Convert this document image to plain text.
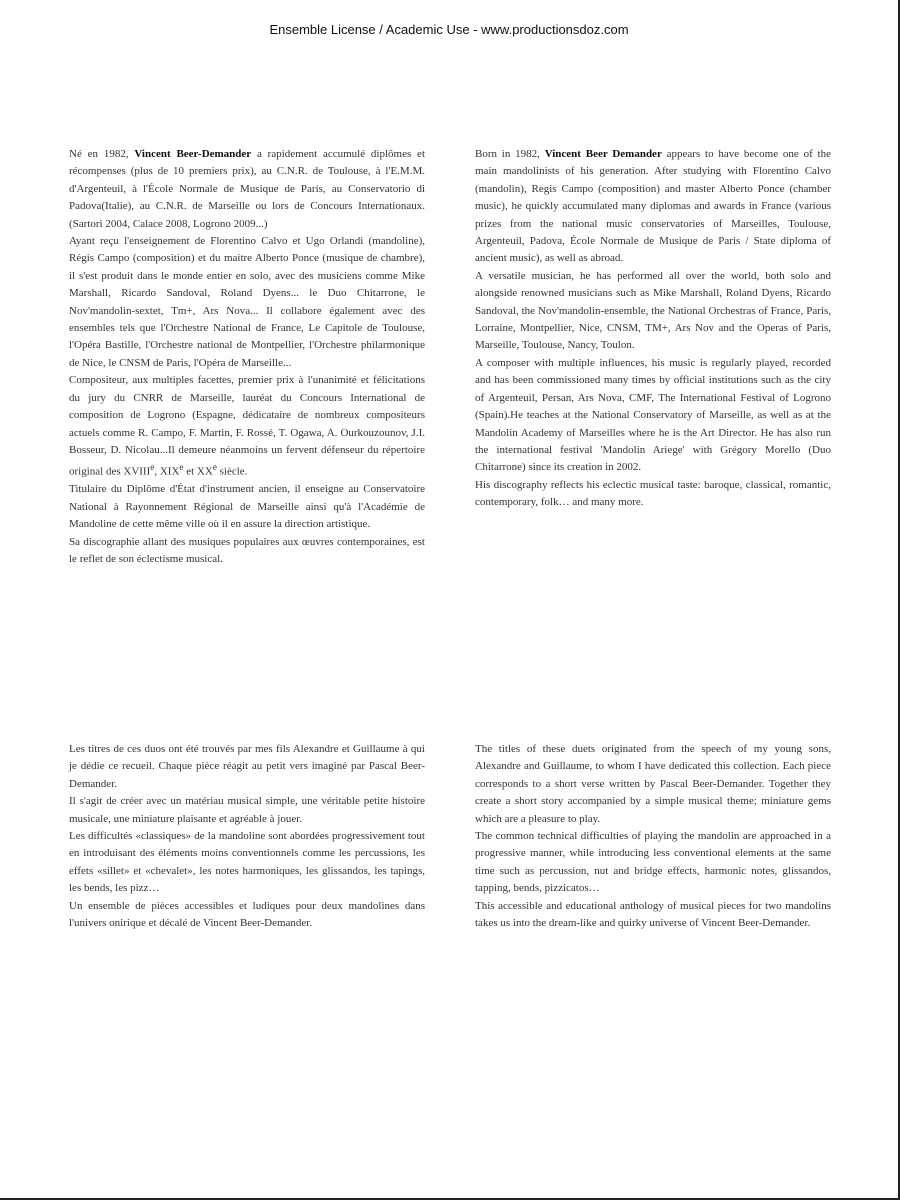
Ensemble License / Academic Use - www.productionsdoz.com

Né en 1982, Vincent Beer-Demander a rapidement accumulé diplômes et récompenses (plus de 10 premiers prix), au C.N.R. de Toulouse, à l'E.M.M. d'Argenteuil, à l'École Normale de Musique de Paris, au Conservatorio di Padova(Italie), au C.N.R. de Marseille ou lors de Concours Internationaux. (Sartori 2004, Calace 2008, Logrono 2009...)

Ayant reçu l'enseignement de Florentino Calvo et Ugo Orlandi (mandoline), Régis Campo (composition) et du maitre Alberto Ponce (musique de chambre), il s'est produit dans le monde entier en solo, avec des musiciens comme Mike Marshall, Ricardo Sandoval, Roland Dyens... le Duo Chitarrone, le Nov'mandolin-sextet, Tm+, Ars Nova... Il collabore également avec des ensembles tels que l'Orchestre National de France, Le Capitole de Toulouse, l'Opéra Bastille, l'Orchestre national de Montpellier, l'Orchestre philarmonique de Nice, le CNSM de Paris, l'Opéra de Marseille...

Compositeur, aux multiples facettes, premier prix à l'unanimité et félicitations du jury du CNRR de Marseille, lauréat du Concours International de composition de Logrono (Espagne, dédicataire de nombreux compositeurs actuels comme R. Campo, F. Martin, F. Rossé, T. Ogawa, A. Ourkouzounov, J.I. Bosseur, D. Nicolau...Il demeure néanmoins un fervent défenseur du répertoire original des XVIIIe, XIXe et XXe siècle.

Titulaire du Diplôme d'État d'instrument ancien, il enseigne au Conservatoire National à Rayonnement Régional de Marseille ainsi qu'à l'Académie de Mandoline de cette même ville où il en assure la direction artistique.

Sa discographie allant des musiques populaires aux œuvres contemporaines, est le reflet de son éclectisme musical.

Born in 1982, Vincent Beer Demander appears to have become one of the main mandolinists of his generation. After studying with Florentino Calvo (mandolin), Regis Campo (composition) and master Alberto Ponce (chamber music), he quickly accumulated many diplomas and awards in France (various prizes from the national music conservatories of Marseilles, Toulouse, Argenteuil, Padova, École Normale de Musique de Paris / State diploma of ancient music), as well as abroad.

A versatile musician, he has performed all over the world, both solo and alongside renowned musicians such as Mike Marshall, Roland Dyens, Ricardo Sandoval, the Nov'mandolin-ensemble, the National Orchestras of France, Paris, Lorraine, Montpellier, Nice, CNSM, TM+, Ars Nov and the Operas of Paris, Marseille, Toulouse, Nancy, Toulon.

A composer with multiple influences, his music is regularly played, recorded and has been commissioned many times by official institutions such as the city of Argenteuil, Persan, Ars Nova, CMF, The International Festival of Logrono (Spain).He teaches at the National Conservatory of Marseille, as well as at the Mandolin Academy of Marseilles where he is the Art Director. He has also run the international festival 'Mandolin Ariege' with Grégory Morello (Duo Chitarrone) since its creation in 2002.

His discography reflects his eclectic musical taste: baroque, classical, romantic, contemporary, folk… and many more.

Les titres de ces duos ont été trouvés par mes fils Alexandre et Guillaume à qui je dédie ce recueil. Chaque pièce réagit au petit vers imaginé par Pascal Beer-Demander.

Il s'agit de créer avec un matériau musical simple, une véritable petite histoire musicale, une miniature plaisante et agréable à jouer.

Les difficultés «classiques» de la mandoline sont abordées progressivement tout en introduisant des éléments moins conventionnels comme les percussions, les effets «sillet» et «chevalet», les notes harmoniques, les glissandos, les tapings, les bends, les pizz…

Un ensemble de pièces accessibles et ludiques pour deux mandolines dans l'univers onirique et décalé de Vincent Beer-Demander.

The titles of these duets originated from the speech of my young sons, Alexandre and Guillaume, to whom I have dedicated this collection. Each piece corresponds to a short verse written by Pascal Beer-Demander. Together they create a short story accompanied by a simple musical theme; miniature gems which are a pleasure to play.

The common technical difficulties of playing the mandolin are approached in a progressive manner, while introducing less conventional elements at the same time such as percussion, nut and bridge effects, harmonic notes, glissandos, tapping, bends, pizzicatos…

This accessible and educational anthology of musical pieces for two mandolins takes us into the dream-like and quirky universe of Vincent Beer-Demander.
